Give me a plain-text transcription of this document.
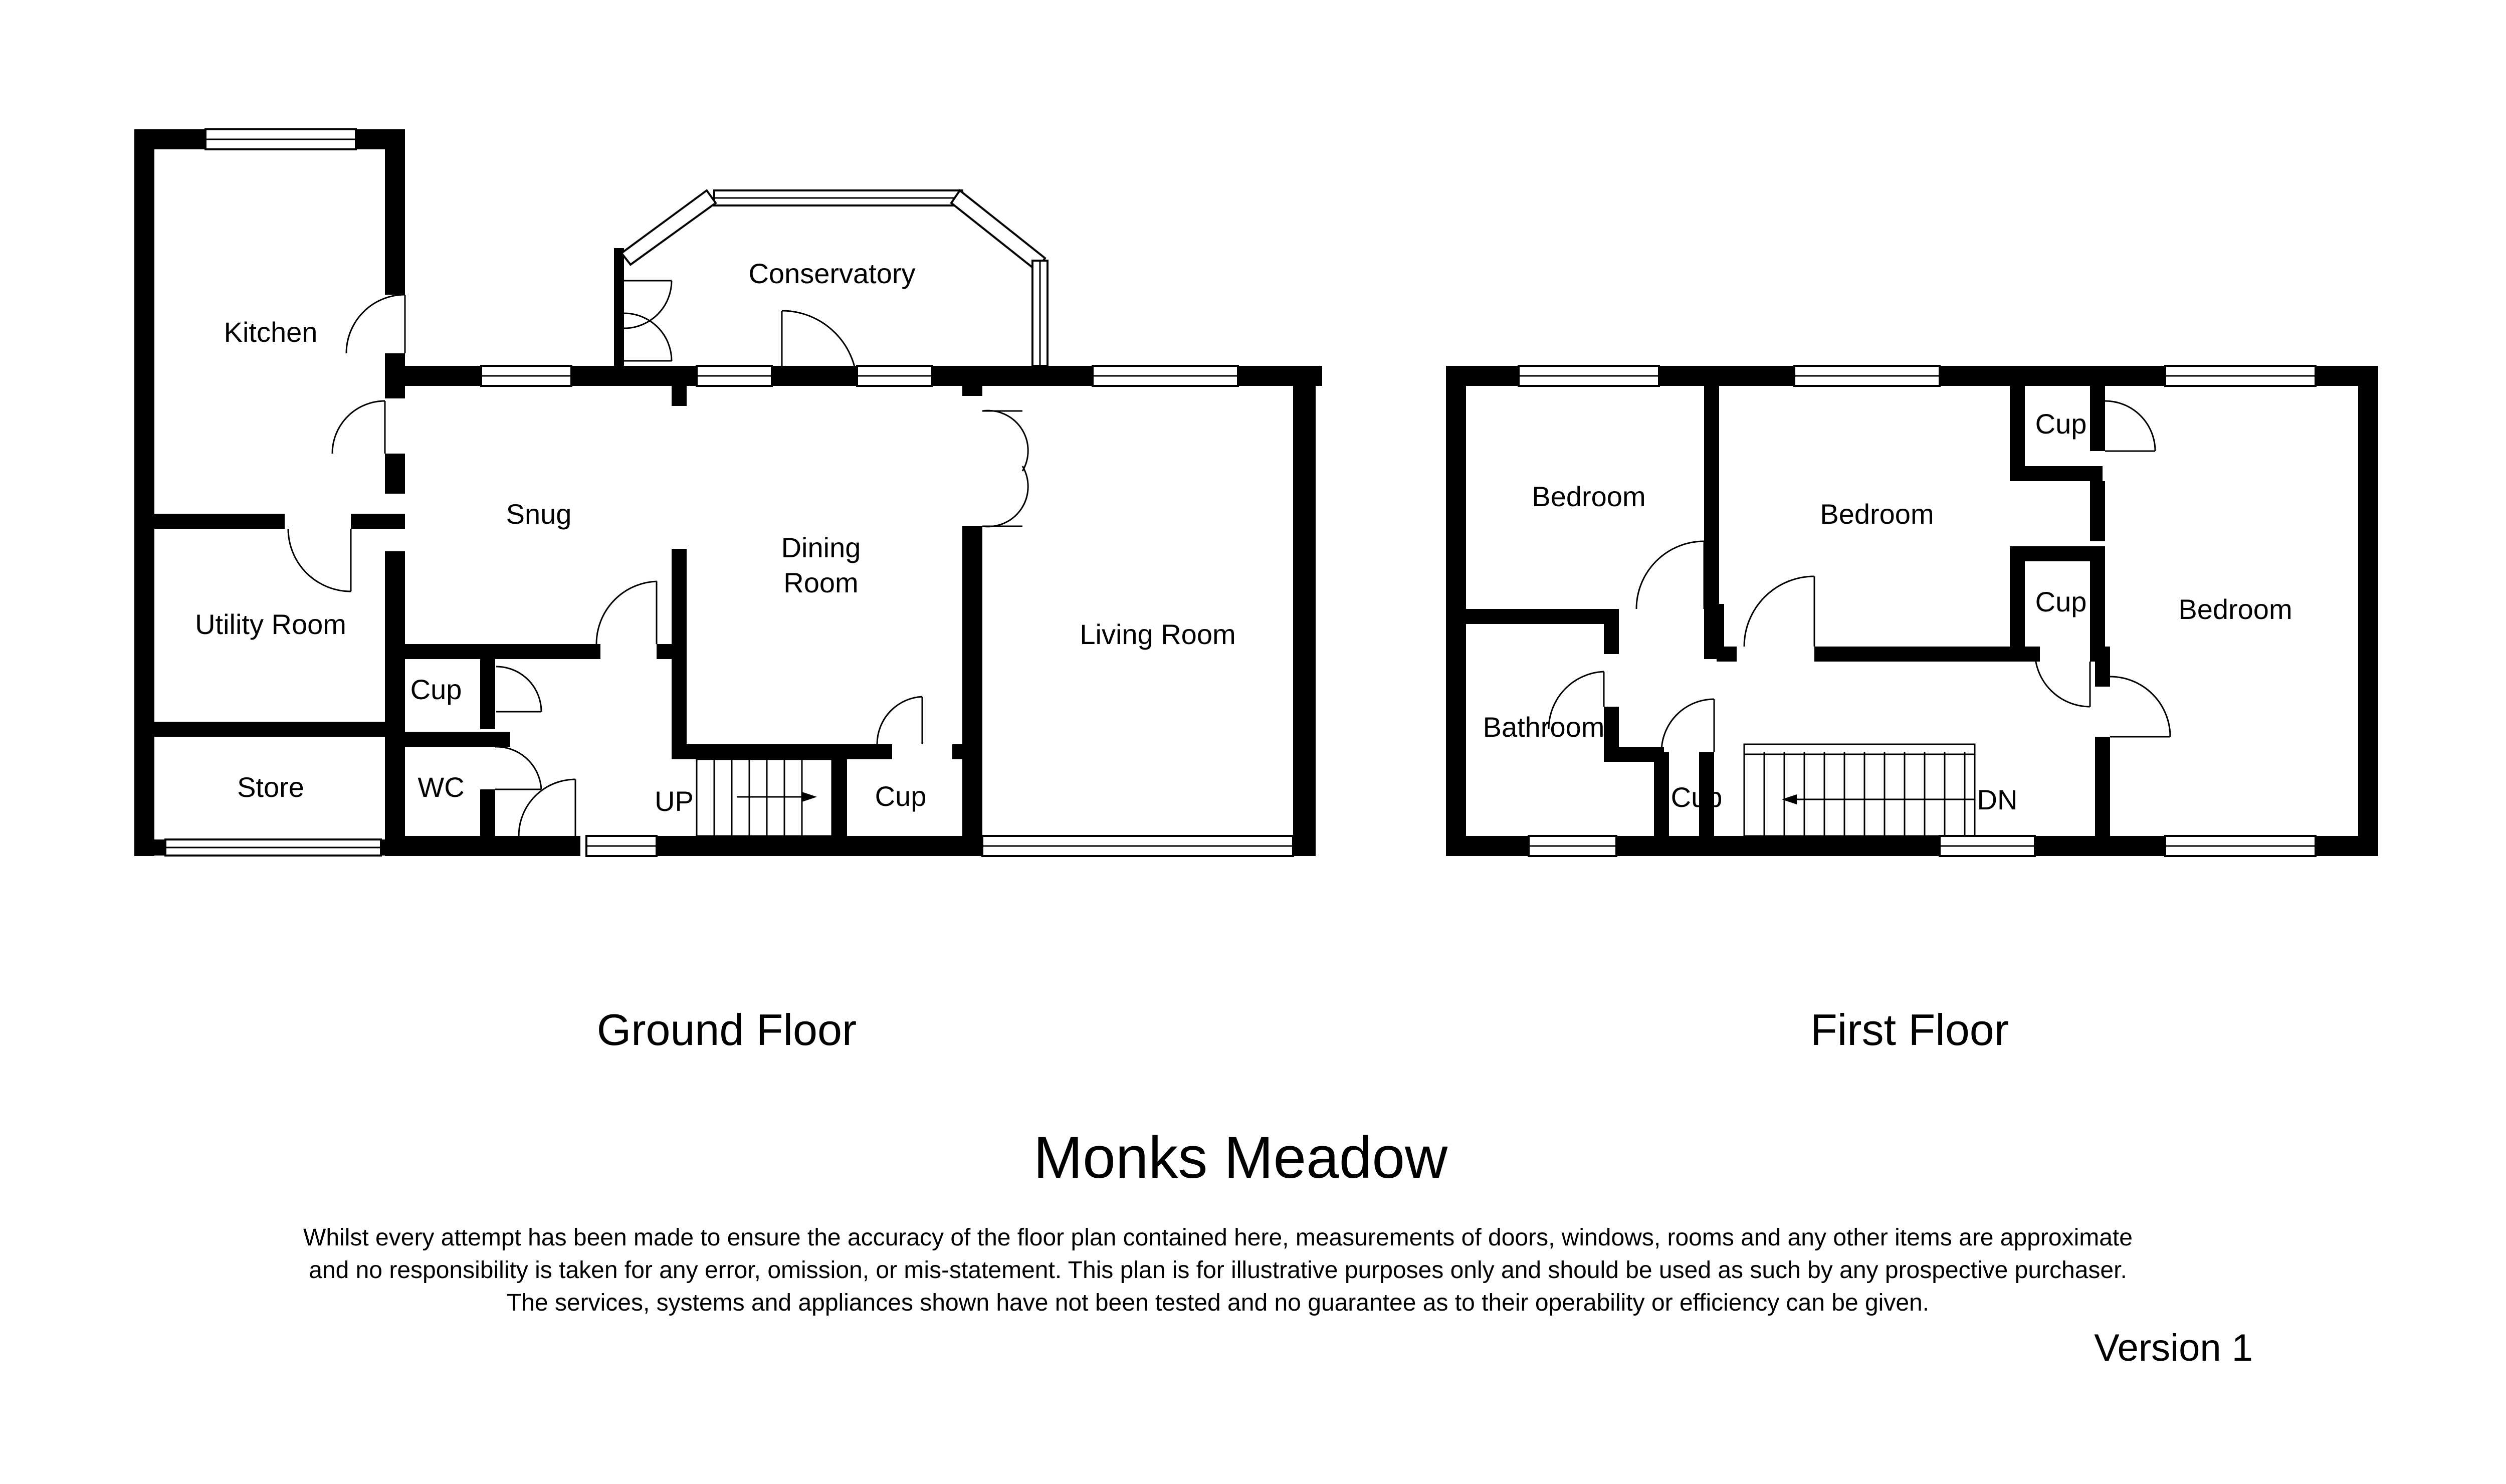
Kitchen
Conservatory
Snug
Dining
Room
Living Room
Utility Room
Store
Cup
WC	Cup
UP
Bedroom
Bedroom
Bedroom
Bathroom
Cup
Cup
Cup	DN
Ground Floor	First Floor
Monks Meadow
Whilst every attempt has been made to ensure the accuracy of the floor plan contained here, measurements of doors, windows, rooms and any other items are approximate
and no responsibility is taken for any error, omission, or mis-statement. This plan is for illustrative purposes only and should be used as such by any prospective purchaser.
The services, systems and appliances shown have not been tested and no guarantee as to their operability or efficiency can be given.
Version 1
